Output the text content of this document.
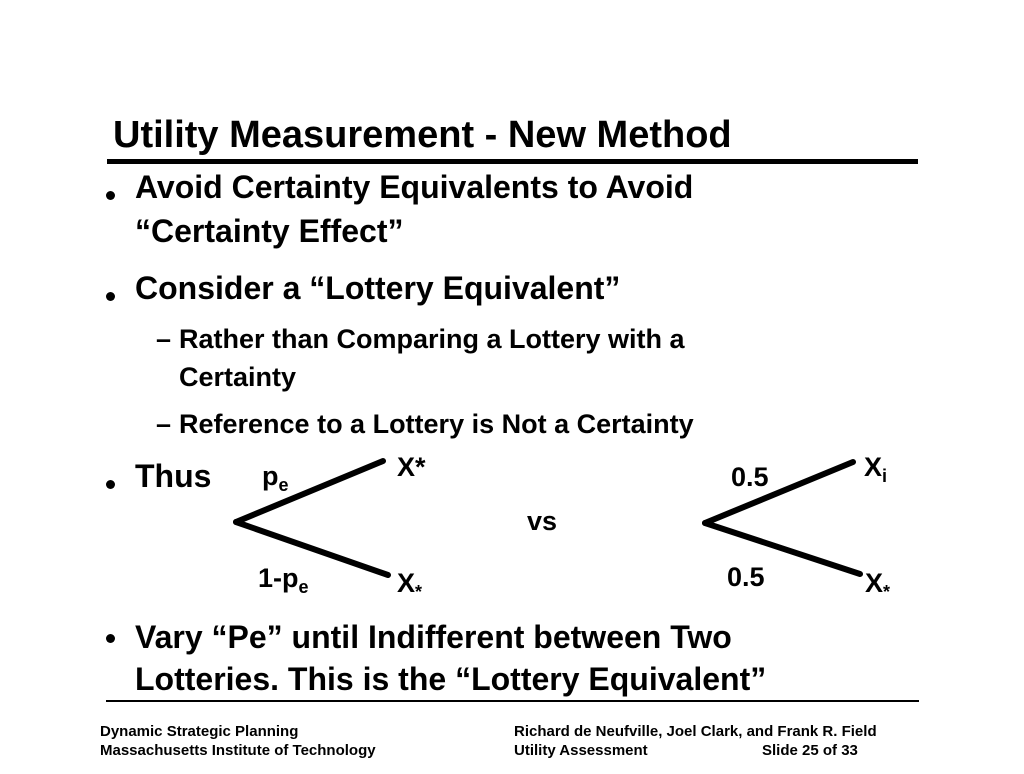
Utility Measurement - New Method
Avoid Certainty Equivalents to Avoid
“Certainty Effect”
Consider a “Lottery Equivalent”
– Rather than Comparing a Lottery with a
Certainty
– Reference to a Lottery is Not a Certainty
Thus $p_e$
X*
$1-p_e$	$X_*$
vs
0.5	$X_i$
0.5	$X_*$
Vary “Pe” until Indifferent between Two
Lotteries. This is the “Lottery Equivalent”
Dynamic Strategic Planning
Massachusetts Institute of Technology
Richard de Neufville, Joel Clark, and Frank R. Field
Utility Assessment	Slide 25 of 33
